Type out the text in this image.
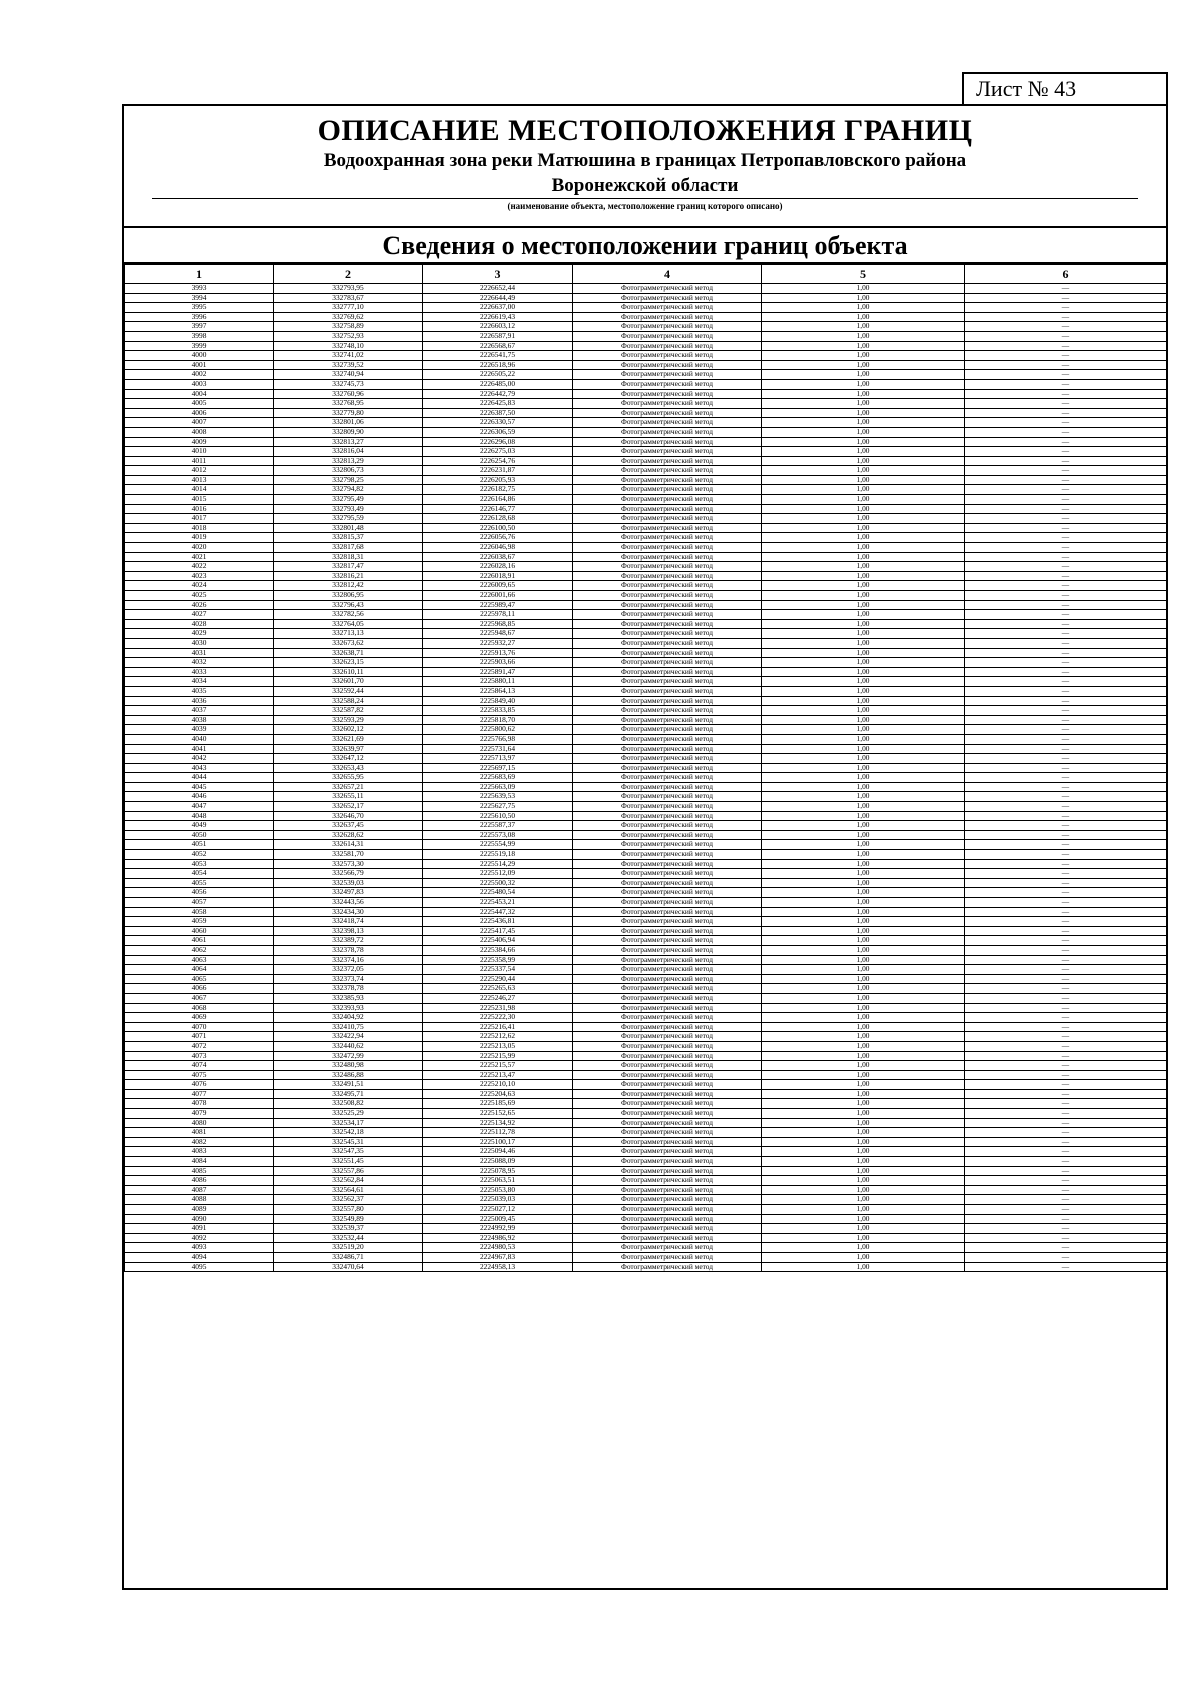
Лист № 43
ОПИСАНИЕ МЕСТОПОЛОЖЕНИЯ ГРАНИЦ
Водоохранная зона реки Матюшина в границах Петропавловского района
Воронежской области
(наименование объекта, местоположение границ которого описано)
Сведения о местоположении границ объекта
1	2	3	4	5	6
3993	332793,95	2226652,44	Фотограмметрический метод	1,00	—
3994	332783,67	2226644,49	Фотограмметрический метод	1,00	—
3995	332777,10	2226637,00	Фотограмметрический метод	1,00	—
3996	332769,62	2226619,43	Фотограмметрический метод	1,00	—
3997	332758,89	2226603,12	Фотограмметрический метод	1,00	—
3998	332752,93	2226587,91	Фотограмметрический метод	1,00	—
3999	332748,10	2226568,67	Фотограмметрический метод	1,00	—
4000	332741,02	2226541,75	Фотограмметрический метод	1,00	—
4001	332739,52	2226518,96	Фотограмметрический метод	1,00	—
4002	332740,94	2226505,22	Фотограмметрический метод	1,00	—
4003	332745,73	2226485,00	Фотограмметрический метод	1,00	—
4004	332760,96	2226442,79	Фотограмметрический метод	1,00	—
4005	332768,95	2226425,83	Фотограмметрический метод	1,00	—
4006	332779,80	2226387,50	Фотограмметрический метод	1,00	—
4007	332801,06	2226330,57	Фотограмметрический метод	1,00	—
4008	332809,90	2226306,59	Фотограмметрический метод	1,00	—
4009	332813,27	2226296,08	Фотограмметрический метод	1,00	—
4010	332816,04	2226275,03	Фотограмметрический метод	1,00	—
4011	332813,29	2226254,76	Фотограмметрический метод	1,00	—
4012	332806,73	2226231,87	Фотограмметрический метод	1,00	—
4013	332798,25	2226205,93	Фотограмметрический метод	1,00	—
4014	332794,82	2226182,75	Фотограмметрический метод	1,00	—
4015	332795,49	2226164,86	Фотограмметрический метод	1,00	—
4016	332793,49	2226146,77	Фотограмметрический метод	1,00	—
4017	332795,59	2226128,68	Фотограмметрический метод	1,00	—
4018	332801,48	2226100,50	Фотограмметрический метод	1,00	—
4019	332815,37	2226056,76	Фотограмметрический метод	1,00	—
4020	332817,68	2226046,98	Фотограмметрический метод	1,00	—
4021	332818,31	2226038,67	Фотограмметрический метод	1,00	—
4022	332817,47	2226028,16	Фотограмметрический метод	1,00	—
4023	332816,21	2226018,91	Фотограмметрический метод	1,00	—
4024	332812,42	2226009,65	Фотограмметрический метод	1,00	—
4025	332806,95	2226001,66	Фотограмметрический метод	1,00	—
4026	332796,43	2225989,47	Фотограмметрический метод	1,00	—
4027	332782,56	2225978,11	Фотограмметрический метод	1,00	—
4028	332764,05	2225968,85	Фотограмметрический метод	1,00	—
4029	332713,13	2225948,67	Фотограмметрический метод	1,00	—
4030	332673,62	2225932,27	Фотограмметрический метод	1,00	—
4031	332638,71	2225913,76	Фотограмметрический метод	1,00	—
4032	332623,15	2225903,66	Фотограмметрический метод	1,00	—
4033	332610,11	2225891,47	Фотограмметрический метод	1,00	—
4034	332601,70	2225880,11	Фотограмметрический метод	1,00	—
4035	332592,44	2225864,13	Фотограмметрический метод	1,00	—
4036	332588,24	2225849,40	Фотограмметрический метод	1,00	—
4037	332587,82	2225833,85	Фотограмметрический метод	1,00	—
4038	332593,29	2225818,70	Фотограмметрический метод	1,00	—
4039	332602,12	2225800,62	Фотограмметрический метод	1,00	—
4040	332621,69	2225766,98	Фотограмметрический метод	1,00	—
4041	332639,97	2225731,64	Фотограмметрический метод	1,00	—
4042	332647,12	2225713,97	Фотограмметрический метод	1,00	—
4043	332653,43	2225697,15	Фотограмметрический метод	1,00	—
4044	332655,95	2225683,69	Фотограмметрический метод	1,00	—
4045	332657,21	2225663,09	Фотограмметрический метод	1,00	—
4046	332655,11	2225639,53	Фотограмметрический метод	1,00	—
4047	332652,17	2225627,75	Фотограмметрический метод	1,00	—
4048	332646,70	2225610,50	Фотограмметрический метод	1,00	—
4049	332637,45	2225587,37	Фотограмметрический метод	1,00	—
4050	332628,62	2225573,08	Фотограмметрический метод	1,00	—
4051	332614,31	2225554,99	Фотограмметрический метод	1,00	—
4052	332581,70	2225519,18	Фотограмметрический метод	1,00	—
4053	332573,30	2225514,29	Фотограмметрический метод	1,00	—
4054	332566,79	2225512,09	Фотограмметрический метод	1,00	—
4055	332539,03	2225500,32	Фотограмметрический метод	1,00	—
4056	332497,83	2225480,54	Фотограмметрический метод	1,00	—
4057	332443,56	2225453,21	Фотограмметрический метод	1,00	—
4058	332434,30	2225447,32	Фотограмметрический метод	1,00	—
4059	332418,74	2225436,81	Фотограмметрический метод	1,00	—
4060	332398,13	2225417,45	Фотограмметрический метод	1,00	—
4061	332389,72	2225406,94	Фотограмметрический метод	1,00	—
4062	332378,78	2225384,66	Фотограмметрический метод	1,00	—
4063	332374,16	2225358,99	Фотограмметрический метод	1,00	—
4064	332372,05	2225337,54	Фотограмметрический метод	1,00	—
4065	332373,74	2225290,44	Фотограмметрический метод	1,00	—
4066	332378,78	2225265,63	Фотограмметрический метод	1,00	—
4067	332385,93	2225246,27	Фотограмметрический метод	1,00	—
4068	332393,93	2225231,98	Фотограмметрический метод	1,00	—
4069	332404,92	2225222,30	Фотограмметрический метод	1,00	—
4070	332410,75	2225216,41	Фотограмметрический метод	1,00	—
4071	332422,94	2225212,62	Фотограмметрический метод	1,00	—
4072	332440,62	2225213,05	Фотограмметрический метод	1,00	—
4073	332472,99	2225215,99	Фотограмметрический метод	1,00	—
4074	332480,98	2225215,57	Фотограмметрический метод	1,00	—
4075	332486,88	2225213,47	Фотограмметрический метод	1,00	—
4076	332491,51	2225210,10	Фотограмметрический метод	1,00	—
4077	332495,71	2225204,63	Фотограмметрический метод	1,00	—
4078	332508,82	2225185,69	Фотограмметрический метод	1,00	—
4079	332525,29	2225152,65	Фотограмметрический метод	1,00	—
4080	332534,17	2225134,92	Фотограмметрический метод	1,00	—
4081	332542,18	2225112,78	Фотограмметрический метод	1,00	—
4082	332545,31	2225100,17	Фотограмметрический метод	1,00	—
4083	332547,35	2225094,46	Фотограмметрический метод	1,00	—
4084	332551,45	2225088,09	Фотограмметрический метод	1,00	—
4085	332557,86	2225078,95	Фотограмметрический метод	1,00	—
4086	332562,84	2225063,51	Фотограмметрический метод	1,00	—
4087	332564,61	2225053,80	Фотограмметрический метод	1,00	—
4088	332562,37	2225039,03	Фотограмметрический метод	1,00	—
4089	332557,80	2225027,12	Фотограмметрический метод	1,00	—
4090	332549,89	2225009,45	Фотограмметрический метод	1,00	—
4091	332539,37	2224992,99	Фотограмметрический метод	1,00	—
4092	332532,44	2224986,92	Фотограмметрический метод	1,00	—
4093	332519,20	2224980,53	Фотограмметрический метод	1,00	—
4094	332486,71	2224967,83	Фотограмметрический метод	1,00	—
4095	332470,64	2224958,13	Фотограмметрический метод	1,00	—
